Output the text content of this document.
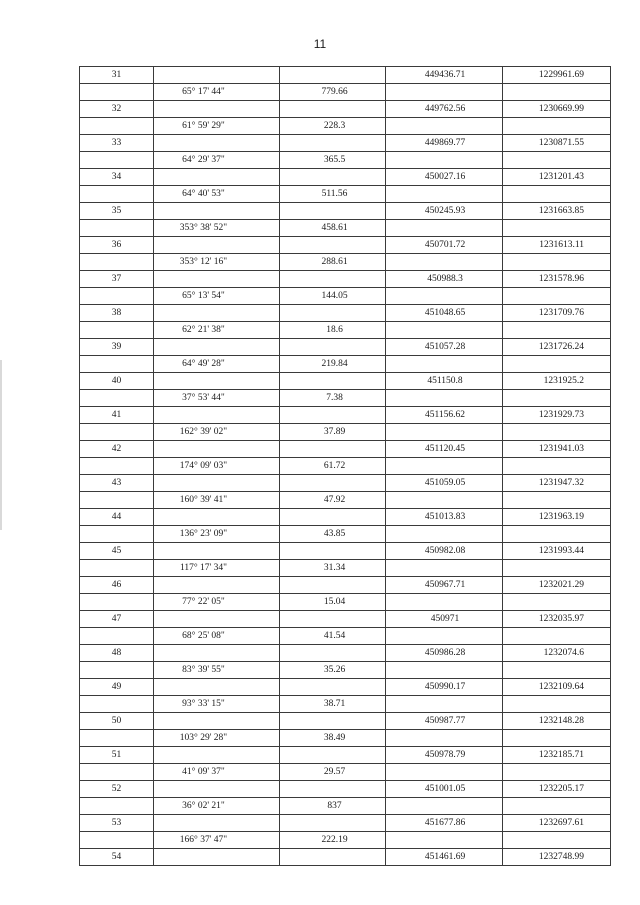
11
31			449436.71	1229961.69
	65° 17' 44"	779.66		
32			449762.56	1230669.99
	61° 59' 29"	228.3		
33			449869.77	1230871.55
	64° 29' 37"	365.5		
34			450027.16	1231201.43
	64° 40' 53"	511.56		
35			450245.93	1231663.85
	353° 38' 52"	458.61		
36			450701.72	1231613.11
	353° 12' 16"	288.61		
37			450988.3	1231578.96
	65° 13' 54"	144.05		
38			451048.65	1231709.76
	62° 21' 38"	18.6		
39			451057.28	1231726.24
	64° 49' 28"	219.84		
40			451150.8	1231925.2
	37° 53' 44"	7.38		
41			451156.62	1231929.73
	162° 39' 02"	37.89		
42			451120.45	1231941.03
	174° 09' 03"	61.72		
43			451059.05	1231947.32
	160° 39' 41"	47.92		
44			451013.83	1231963.19
	136° 23' 09"	43.85		
45			450982.08	1231993.44
	117° 17' 34"	31.34		
46			450967.71	1232021.29
	77° 22' 05"	15.04		
47			450971	1232035.97
	68° 25' 08"	41.54		
48			450986.28	1232074.6
	83° 39' 55"	35.26		
49			450990.17	1232109.64
	93° 33' 15"	38.71		
50			450987.77	1232148.28
	103° 29' 28"	38.49		
51			450978.79	1232185.71
	41° 09' 37"	29.57		
52			451001.05	1232205.17
	36° 02' 21"	837		
53			451677.86	1232697.61
	166° 37' 47"	222.19		
54			451461.69	1232748.99
